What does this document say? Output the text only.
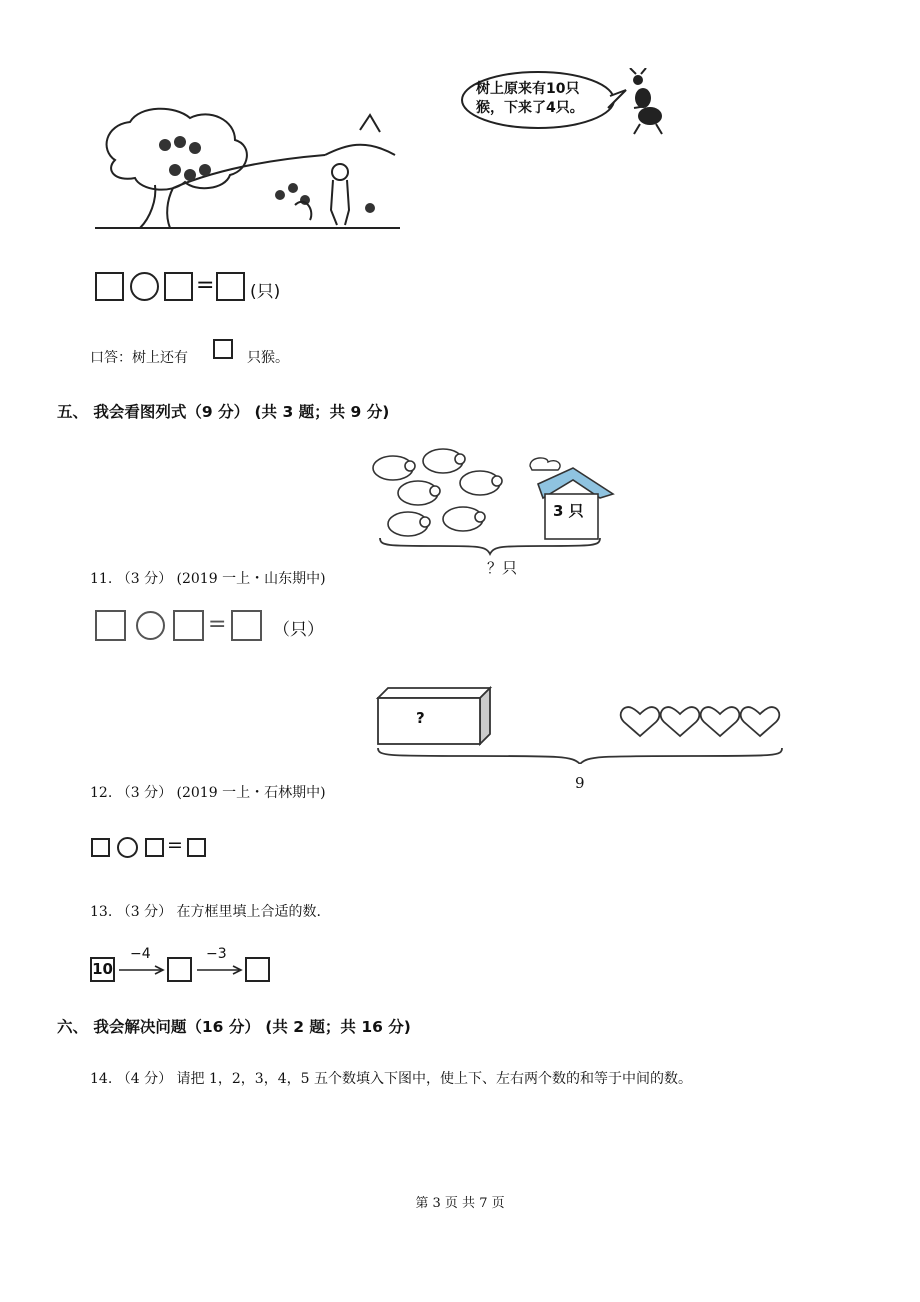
树上原来有10只
猴，下来了4只。
= (只)
口答：树上还有	只猴。
五、 我会看图列式（9 分） (共 3 题；共 9 分)
3 只
？只
11. （3 分） (2019 一上・山东期中)
=	（只）
?
9
12. （3 分） (2019 一上・石林期中)
=
13. （3 分） 在方框里填上合适的数.
10
−4	−3
六、 我会解决问题（16 分） (共 2 题；共 16 分)
14. （4 分） 请把 1，2，3，4，5 五个数填入下图中，使上下、左右两个数的和等于中间的数。
第 3 页 共 7 页
